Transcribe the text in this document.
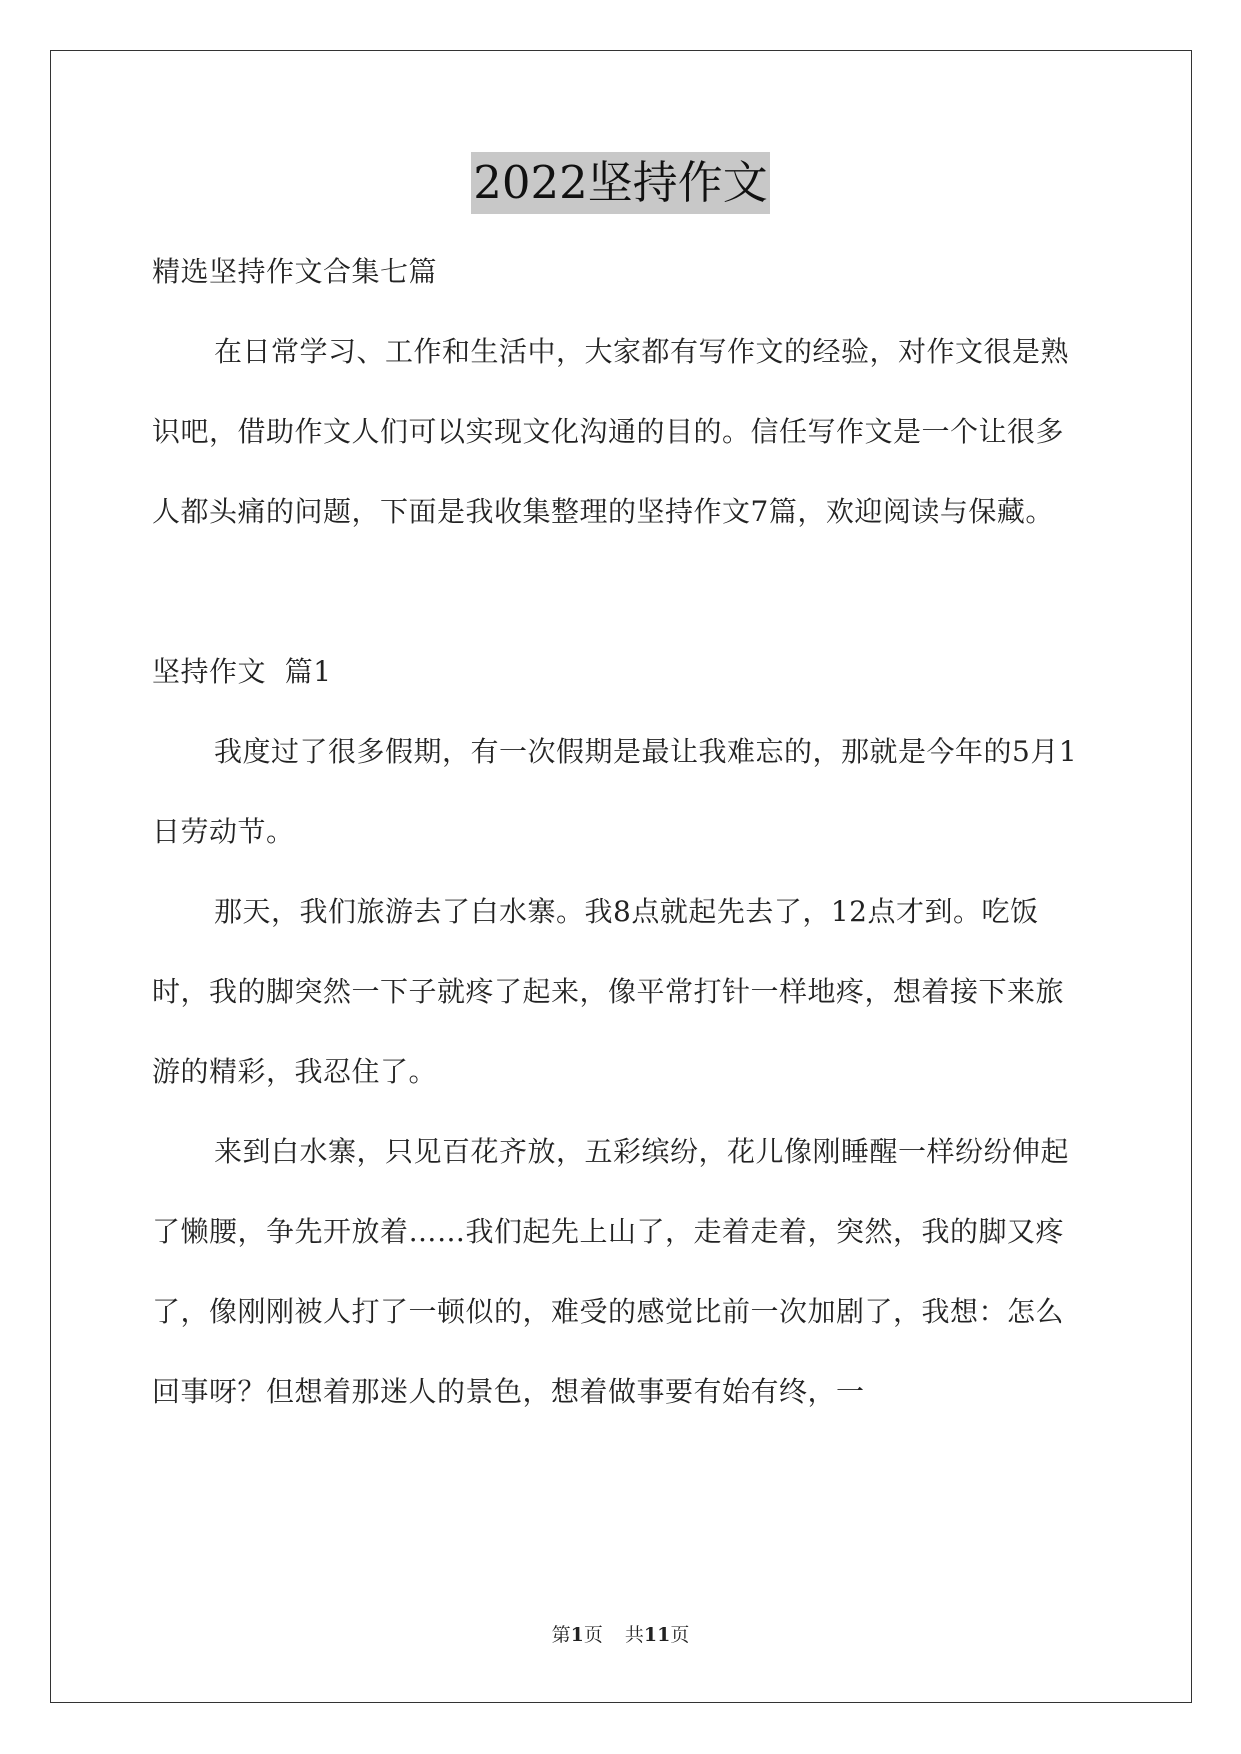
2022坚持作文

精选坚持作文合集七篇

在日常学习、工作和生活中，大家都有写作文的经验，对作文很是熟识吧，借助作文人们可以实现文化沟通的目的。信任写作文是一个让很多人都头痛的问题，下面是我收集整理的坚持作文7篇，欢迎阅读与保藏。

坚持作文  篇1

我度过了很多假期，有一次假期是最让我难忘的，那就是今年的5月1日劳动节。

那天，我们旅游去了白水寨。我8点就起先去了，12点才到。吃饭时，我的脚突然一下子就疼了起来，像平常打针一样地疼，想着接下来旅游的精彩，我忍住了。

来到白水寨，只见百花齐放，五彩缤纷，花儿像刚睡醒一样纷纷伸起了懒腰，争先开放着……我们起先上山了，走着走着，突然，我的脚又疼了，像刚刚被人打了一顿似的，难受的感觉比前一次加剧了，我想：怎么回事呀？但想着那迷人的景色，想着做事要有始有终，一

第1页 共11页
